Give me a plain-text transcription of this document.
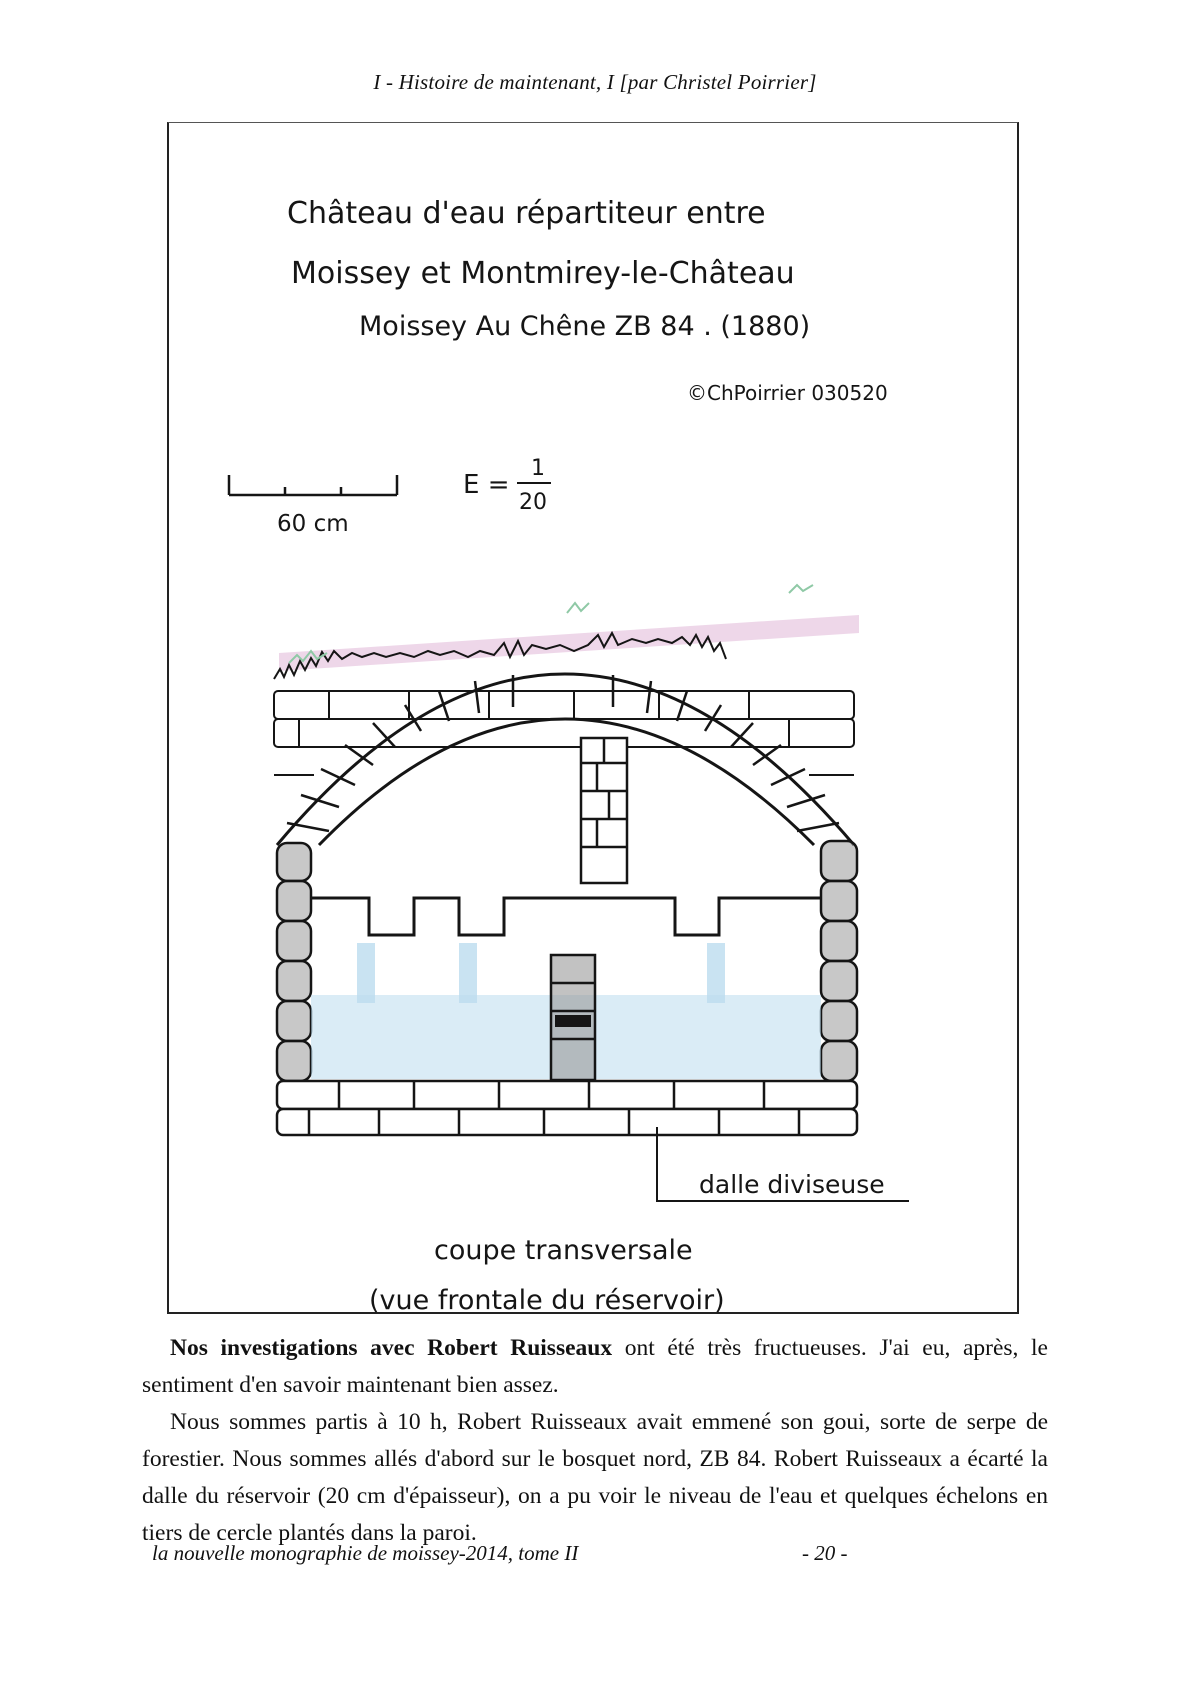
I - Histoire de maintenant, I [par Christel Poirrier]
Château d'eau répartiteur entre
Moissey et Montmirey-le-Château
Moissey Au Chêne ZB 84 . (1880)
©ChPoirrier 030520
60 cm
E =
1
20
dalle diviseuse
coupe transversale
(vue frontale du réservoir)

Nos investigations avec Robert Ruisseaux ont été très fructueuses. J'ai eu, après, le sentiment d'en savoir maintenant bien assez.

Nous sommes partis à 10 h, Robert Ruisseaux avait emmené son goui, sorte de serpe de forestier. Nous sommes allés d'abord sur le bosquet nord, ZB 84. Robert Ruisseaux a écarté la dalle du réservoir (20 cm d'épaisseur), on a pu voir le niveau de l'eau et quelques échelons en tiers de cercle plantés dans la paroi.

la nouvelle monographie de moissey-2014, tome II	- 20 -
